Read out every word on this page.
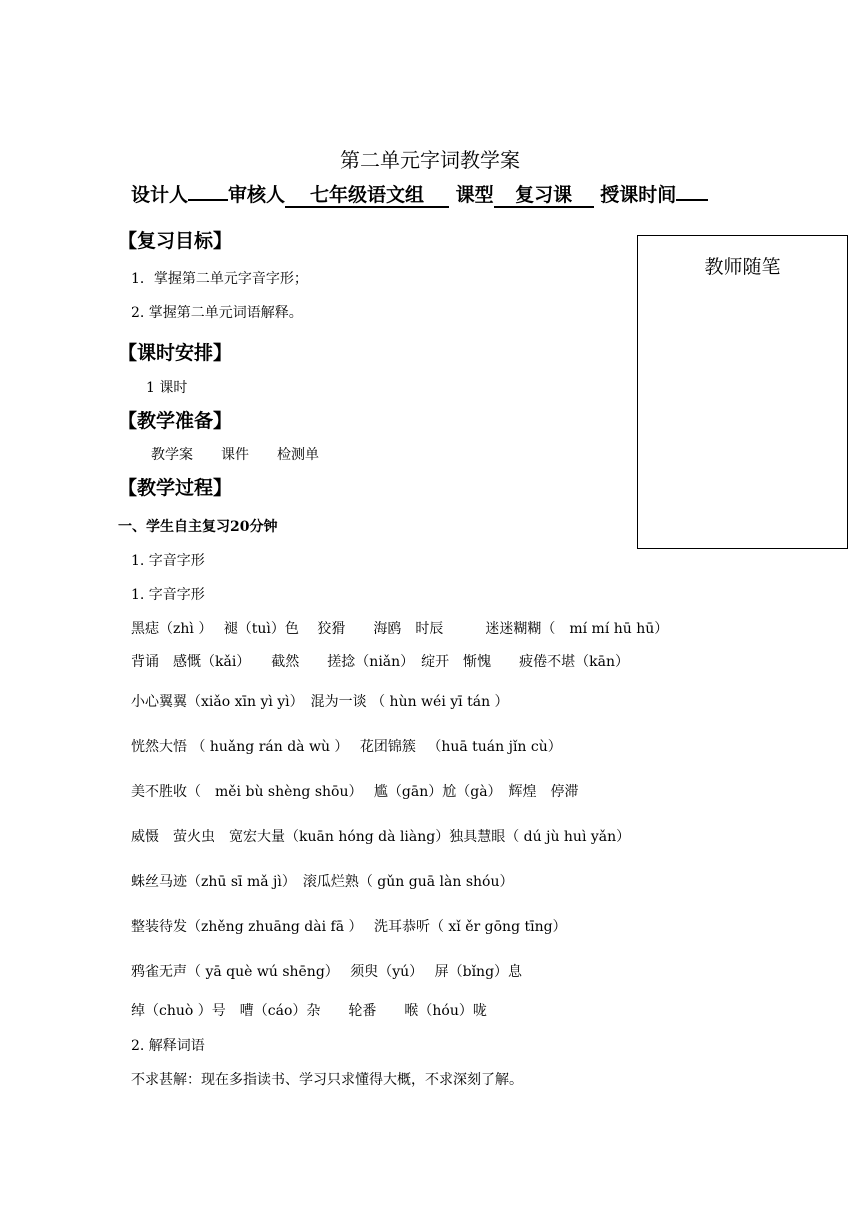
第二单元字词教学案
设计人 审核人 七年级语文组 课型 复习课 授课时间
教师随笔
【复习目标】
1．掌握第二单元字音字形；
2. 掌握第二单元词语解释。
【课时安排】
1 课时
【教学准备】
教学案　　课件　　检测单
【教学过程】
一、学生自主复习20分钟
1. 字音字形
1. 字音字形
黑痣（zhì ）　 褪（tuì）色　 狡猾　　海鸥　时辰　　　迷迷糊糊（　mí mí hū hū）
背诵　感慨（kǎi）　　截然　　搓捻（niǎn）　绽开　惭愧　　疲倦不堪（kān）
小心翼翼（xiǎo xīn yì yì）　混为一谈 （ hùn wéi yī tán ）
恍然大悟 （ huǎng rán dà wù ）　 花团锦簇 　（huā tuán jǐn cù）
美不胜收（　měi bù shèng shōu）　 尴（gān）尬（gà）　辉煌　停滞
威慑　萤火虫　宽宏大量（kuān hóng dà liàng）独具慧眼（ dú jù huì yǎn）
蛛丝马迹（zhū sī mǎ jì）　滚瓜烂熟（ gǔn guā làn shóu）
整装待发（zhěng zhuāng dài fā ）　 洗耳恭听（ xǐ ěr gōng tīng）
鸦雀无声（ yā què wú shēng）　 须臾（yú）　 屏（bǐng）息
绰（chuò ）号　嘈（cáo）杂　　轮番　　喉（hóu）咙
2. 解释词语
不求甚解：现在多指读书、学习只求懂得大概，不求深刻了解。
